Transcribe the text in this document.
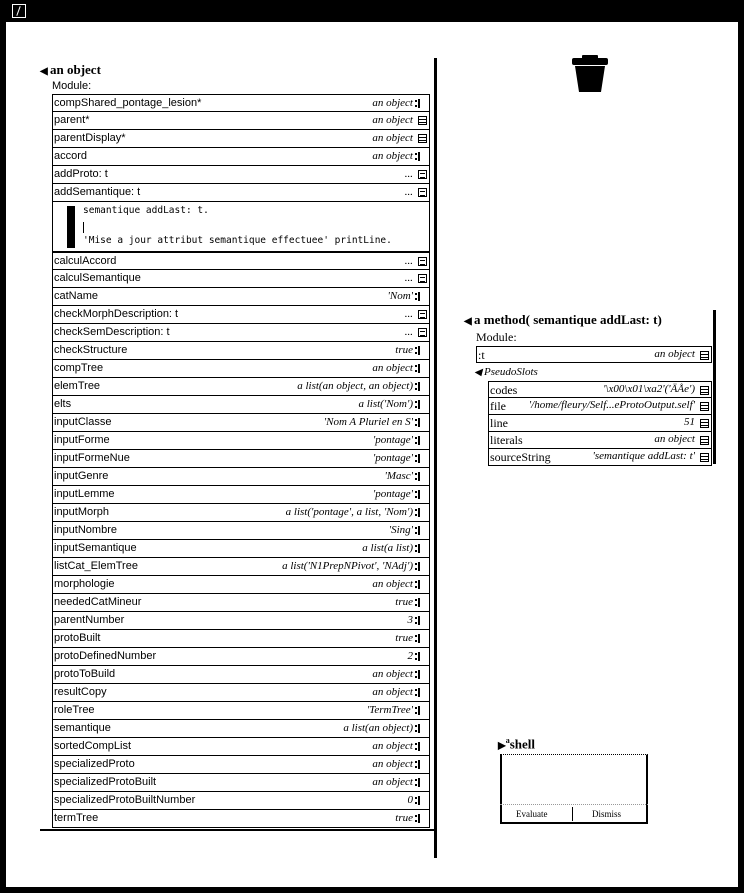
◀ an object
Module:
compShared_pontage_lesion*	an object
parent*	an object
parentDisplay*	an object
accord	an object
addProto: t	...
addSemantique: t	...
semantique addLast: t.
'Mise a jour attribut semantique effectuee' printLine.
calculAccord	...
calculSemantique	...
catName	'Nom'
checkMorphDescription: t	...
checkSemDescription: t	...
checkStructure	true
compTree	an object
elemTree	a list(an object, an object)
elts	a list('Nom')
inputClasse	'Nom A Pluriel en S'
inputForme	'pontage'
inputFormeNue	'pontage'
inputGenre	'Masc'
inputLemme	'pontage'
inputMorph	a list('pontage', a list, 'Nom')
inputNombre	'Sing'
inputSemantique	a list(a list)
listCat_ElemTree	a list('N1PrepNPivot', 'NAdj')
morphologie	an object
neededCatMineur	true
parentNumber	3
protoBuilt	true
protoDefinedNumber	2
protoToBuild	an object
resultCopy	an object
roleTree	'TermTree'
semantique	a list(an object)
sortedCompList	an object
specializedProto	an object
specializedProtoBuilt	an object
specializedProtoBuiltNumber	0
termTree	true
◀ a method( semantique addLast: t)
Module:
:t	an object
◀ PseudoSlots
codes	'\x00\x01\xa2'('ÄÅe')
file '/home/fleury/Self...eProtoOutput.self'
line	51
literals	an object
sourceString	'semantique addLast: t'
▶$^a$shell
Evaluate	Dismiss
